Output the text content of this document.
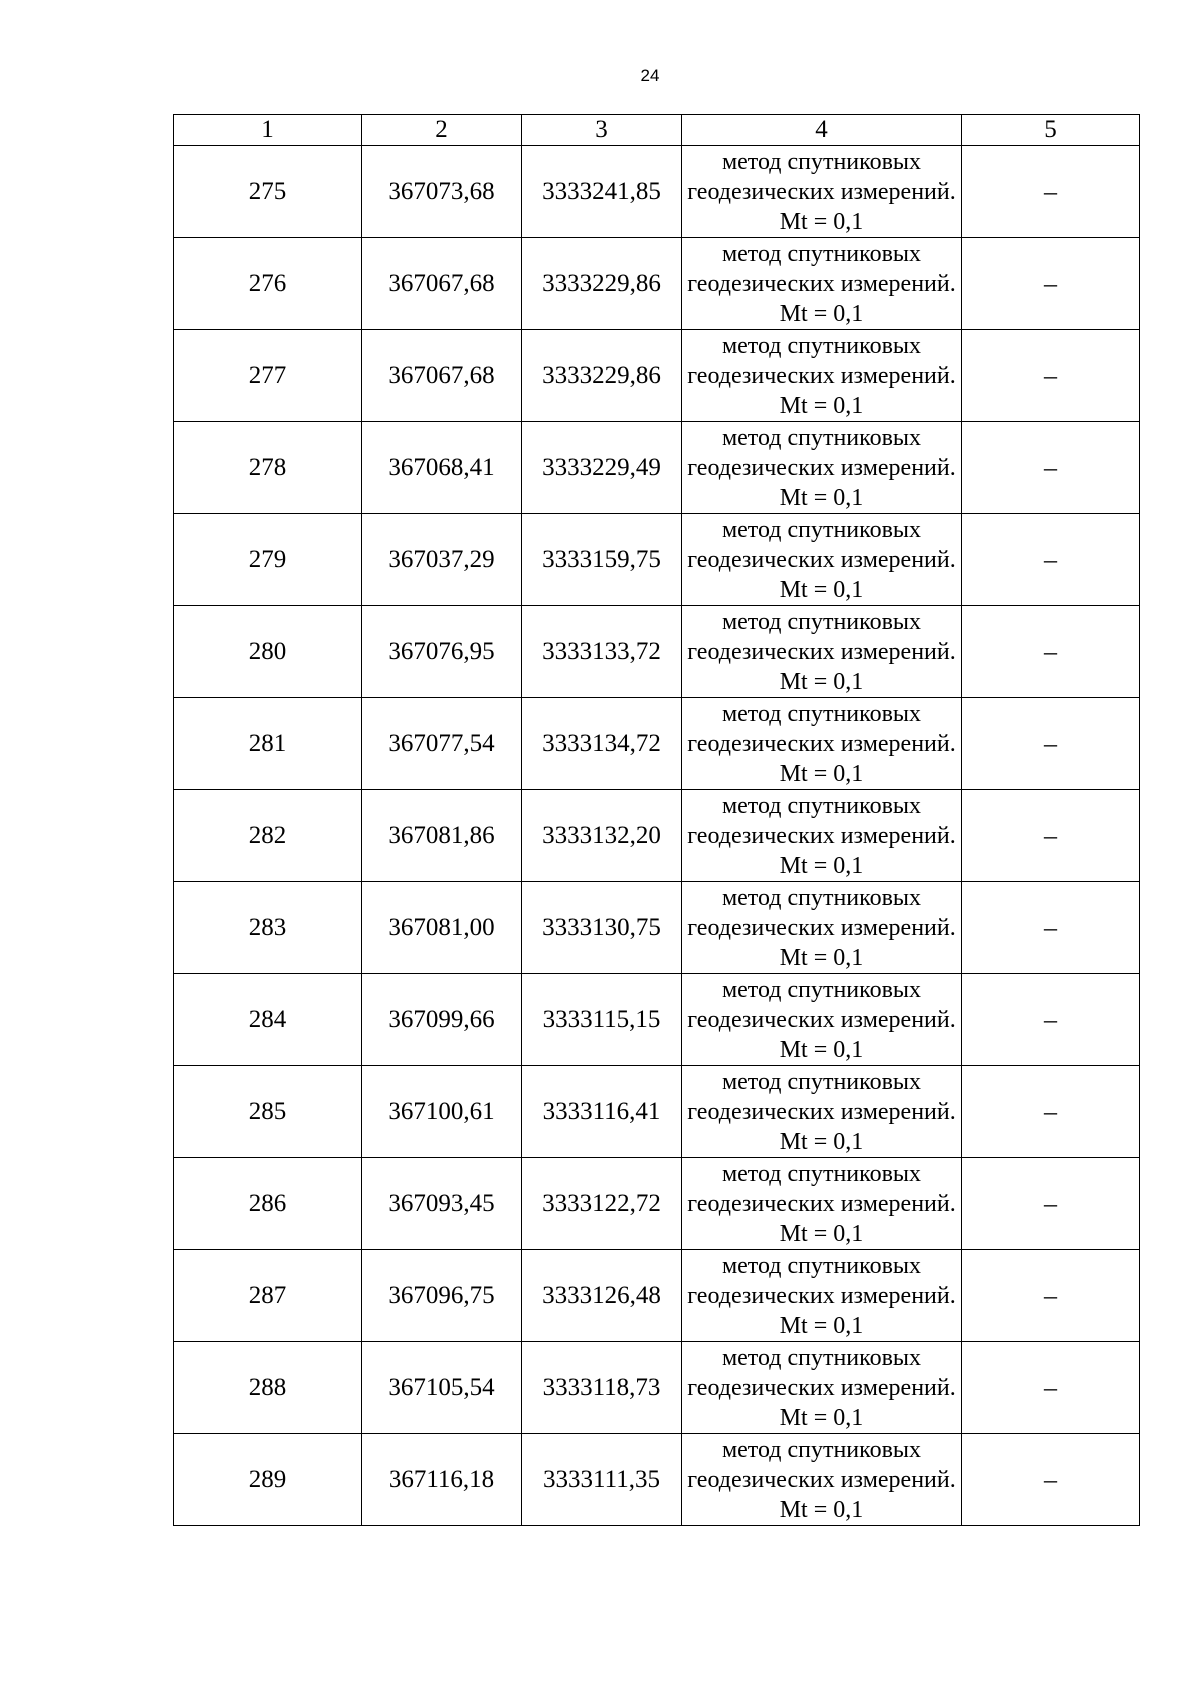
24
1	2	3	4	5
275	367073,68	3333241,85	метод спутниковых геодезических измерений. Mt = 0,1	–
276	367067,68	3333229,86	метод спутниковых геодезических измерений. Mt = 0,1	–
277	367067,68	3333229,86	метод спутниковых геодезических измерений. Mt = 0,1	–
278	367068,41	3333229,49	метод спутниковых геодезических измерений. Mt = 0,1	–
279	367037,29	3333159,75	метод спутниковых геодезических измерений. Mt = 0,1	–
280	367076,95	3333133,72	метод спутниковых геодезических измерений. Mt = 0,1	–
281	367077,54	3333134,72	метод спутниковых геодезических измерений. Mt = 0,1	–
282	367081,86	3333132,20	метод спутниковых геодезических измерений. Mt = 0,1	–
283	367081,00	3333130,75	метод спутниковых геодезических измерений. Mt = 0,1	–
284	367099,66	3333115,15	метод спутниковых геодезических измерений. Mt = 0,1	–
285	367100,61	3333116,41	метод спутниковых геодезических измерений. Mt = 0,1	–
286	367093,45	3333122,72	метод спутниковых геодезических измерений. Mt = 0,1	–
287	367096,75	3333126,48	метод спутниковых геодезических измерений. Mt = 0,1	–
288	367105,54	3333118,73	метод спутниковых геодезических измерений. Mt = 0,1	–
289	367116,18	3333111,35	метод спутниковых геодезических измерений. Mt = 0,1	–
